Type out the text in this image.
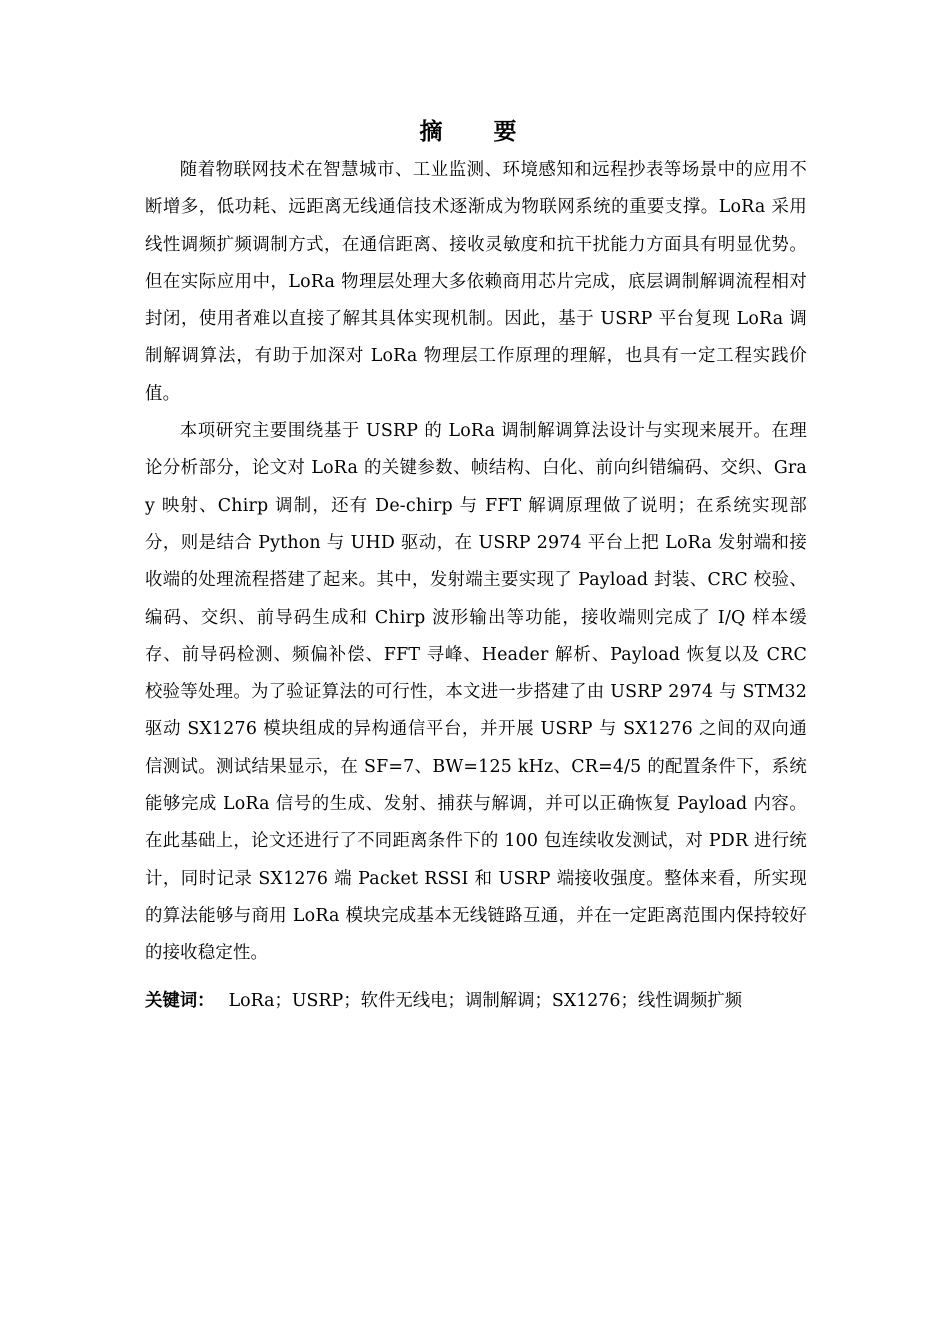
摘　要

随着物联网技术在智慧城市、工业监测、环境感知和远程抄表等场景中的应用不断增多，低功耗、远距离无线通信技术逐渐成为物联网系统的重要支撑。LoRa 采用线性调频扩频调制方式，在通信距离、接收灵敏度和抗干扰能力方面具有明显优势。但在实际应用中，LoRa 物理层处理大多依赖商用芯片完成，底层调制解调流程相对封闭，使用者难以直接了解其具体实现机制。因此，基于 USRP 平台复现 LoRa 调制解调算法，有助于加深对 LoRa 物理层工作原理的理解，也具有一定工程实践价值。

本项研究主要围绕基于 USRP 的 LoRa 调制解调算法设计与实现来展开。在理论分析部分，论文对 LoRa 的关键参数、帧结构、白化、前向纠错编码、交织、Gray 映射、Chirp 调制，还有 De-chirp 与 FFT 解调原理做了说明；在系统实现部分，则是结合 Python 与 UHD 驱动，在 USRP 2974 平台上把 LoRa 发射端和接收端的处理流程搭建了起来。其中，发射端主要实现了 Payload 封装、CRC 校验、编码、交织、前导码生成和 Chirp 波形输出等功能，接收端则完成了 I/Q 样本缓存、前导码检测、频偏补偿、FFT 寻峰、Header 解析、Payload 恢复以及 CRC 校验等处理。为了验证算法的可行性，本文进一步搭建了由 USRP 2974 与 STM32 驱动 SX1276 模块组成的异构通信平台，并开展 USRP 与 SX1276 之间的双向通信测试。测试结果显示，在 SF=7、BW=125 kHz、CR=4/5 的配置条件下，系统能够完成 LoRa 信号的生成、发射、捕获与解调，并可以正确恢复 Payload 内容。在此基础上，论文还进行了不同距离条件下的 100 包连续收发测试，对 PDR 进行统计，同时记录 SX1276 端 Packet RSSI 和 USRP 端接收强度。整体来看，所实现的算法能够与商用 LoRa 模块完成基本无线链路互通，并在一定距离范围内保持较好的接收稳定性。

关键词： LoRa；USRP；软件无线电；调制解调；SX1276；线性调频扩频
